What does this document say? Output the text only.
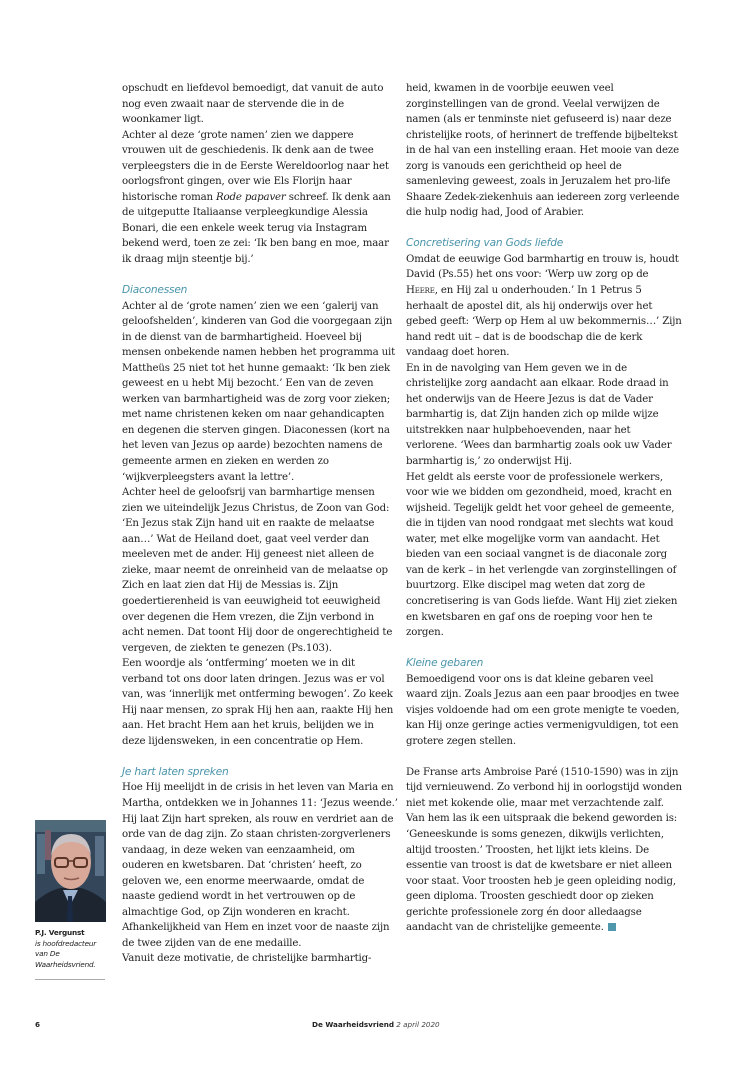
opschudt en liefdevol bemoedigt, dat vanuit de auto nog even zwaait naar de stervende die in de woonkamer ligt.

Achter al deze ‘grote namen’ zien we dappere vrouwen uit de geschiedenis. Ik denk aan de twee verpleegsters die in de Eerste Wereldoorlog naar het oorlogsfront gingen, over wie Els Florijn haar historische roman Rode papaver schreef. Ik denk aan de uitgeputte Italiaanse verpleegkundige Alessia Bonari, die een enkele week terug via Instagram bekend werd, toen ze zei: ‘Ik ben bang en moe, maar ik draag mijn steentje bij.’

Diaconessen

Achter al de ‘grote namen’ zien we een ‘galerij van geloofshelden’, kinderen van God die voorgegaan zijn in de dienst van de barmhartigheid. Hoeveel bij mensen onbekende namen hebben het programma uit Mattheüs 25 niet tot het hunne gemaakt: ‘Ik ben ziek geweest en u hebt Mij bezocht.’ Een van de zeven werken van barmhartigheid was de zorg voor zieken; met name christenen keken om naar gehandicapten en degenen die sterven gingen. Diaconessen (kort na het leven van Jezus op aarde) bezochten namens de gemeente armen en zieken en werden zo ‘wijkverpleegsters avant la lettre’.

Achter heel de geloofsrij van barmhartige mensen zien we uiteindelijk Jezus Christus, de Zoon van God: ‘En Jezus stak Zijn hand uit en raakte de melaatse aan…’ Wat de Heiland doet, gaat veel verder dan meeleven met de ander. Hij geneest niet alleen de zieke, maar neemt de onreinheid van de melaatse op Zich en laat zien dat Hij de Messias is. Zijn goedertierenheid is van eeuwigheid tot eeuwigheid over degenen die Hem vrezen, die Zijn verbond in acht nemen. Dat toont Hij door de ongerechtigheid te vergeven, de ziekten te genezen (Ps.103).

Een woordje als ‘ontferming’ moeten we in dit verband tot ons door laten dringen. Jezus was er vol van, was ‘innerlijk met ontferming bewogen’. Zo keek Hij naar mensen, zo sprak Hij hen aan, raakte Hij hen aan. Het bracht Hem aan het kruis, belijden we in deze lijdensweken, in een concentratie op Hem.

Je hart laten spreken

Hoe Hij meelijdt in de crisis in het leven van Maria en Martha, ontdekken we in Johannes 11: ‘Jezus weende.’ Hij laat Zijn hart spreken, als rouw en verdriet aan de orde van de dag zijn. Zo staan christen-zorgverleners vandaag, in deze weken van eenzaamheid, om ouderen en kwetsbaren. Dat ‘christen’ heeft, zo geloven we, een enorme meerwaarde, omdat de naaste gediend wordt in het vertrouwen op de almachtige God, op Zijn wonderen en kracht. Afhankelijkheid van Hem en inzet voor de naaste zijn de twee zijden van de ene medaille.

Vanuit deze motivatie, de christelijke barmhartig-

heid, kwamen in de voorbije eeuwen veel zorginstellingen van de grond. Veelal verwijzen de namen (als er tenminste niet gefuseerd is) naar deze christelijke roots, of herinnert de treffende bijbeltekst in de hal van een instelling eraan. Het mooie van deze zorg is vanouds een gerichtheid op heel de samenleving geweest, zoals in Jeruzalem het pro-life Shaare Zedek-ziekenhuis aan iedereen zorg verleende die hulp nodig had, Jood of Arabier.

Concretisering van Gods liefde

Omdat de eeuwige God barmhartig en trouw is, houdt David (Ps.55) het ons voor: ‘Werp uw zorg op de Heere, en Hij zal u onderhouden.’ In 1 Petrus 5 herhaalt de apostel dit, als hij onderwijs over het gebed geeft: ‘Werp op Hem al uw bekommernis…’ Zijn hand redt uit – dat is de boodschap die de kerk vandaag doet horen.

En in de navolging van Hem geven we in de christelijke zorg aandacht aan elkaar. Rode draad in het onderwijs van de Heere Jezus is dat de Vader barmhartig is, dat Zijn handen zich op milde wijze uitstrekken naar hulpbehoevenden, naar het verlorene. ‘Wees dan barmhartig zoals ook uw Vader barmhartig is,’ zo onderwijst Hij.

Het geldt als eerste voor de professionele werkers, voor wie we bidden om gezondheid, moed, kracht en wijsheid. Tegelijk geldt het voor geheel de gemeente, die in tijden van nood rondgaat met slechts wat koud water, met elke mogelijke vorm van aandacht. Het bieden van een sociaal vangnet is de diaconale zorg van de kerk – in het verlengde van zorginstellingen of buurtzorg. Elke discipel mag weten dat zorg de concretisering is van Gods liefde. Want Hij ziet zieken en kwetsbaren en gaf ons de roeping voor hen te zorgen.

Kleine gebaren

Bemoedigend voor ons is dat kleine gebaren veel waard zijn. Zoals Jezus aan een paar broodjes en twee visjes voldoende had om een grote menigte te voeden, kan Hij onze geringe acties vermenigvuldigen, tot een grotere zegen stellen.

De Franse arts Ambroise Paré (1510-1590) was in zijn tijd vernieuwend. Zo verbond hij in oorlogstijd wonden niet met kokende olie, maar met verzachtende zalf. Van hem las ik een uitspraak die bekend geworden is: ‘Geneeskunde is soms genezen, dikwijls verlichten, altijd troosten.’ Troosten, het lijkt iets kleins. De essentie van troost is dat de kwetsbare er niet alleen voor staat. Voor troosten heb je geen opleiding nodig, geen diploma. Troosten geschiedt door op zieken gerichte professionele zorg én door alledaagse aandacht van de christelijke gemeente.

P.J. Vergunst
is hoofdredacteur van De Waarheidsvriend.
6	De Waarheidsvriend 2 april 2020
